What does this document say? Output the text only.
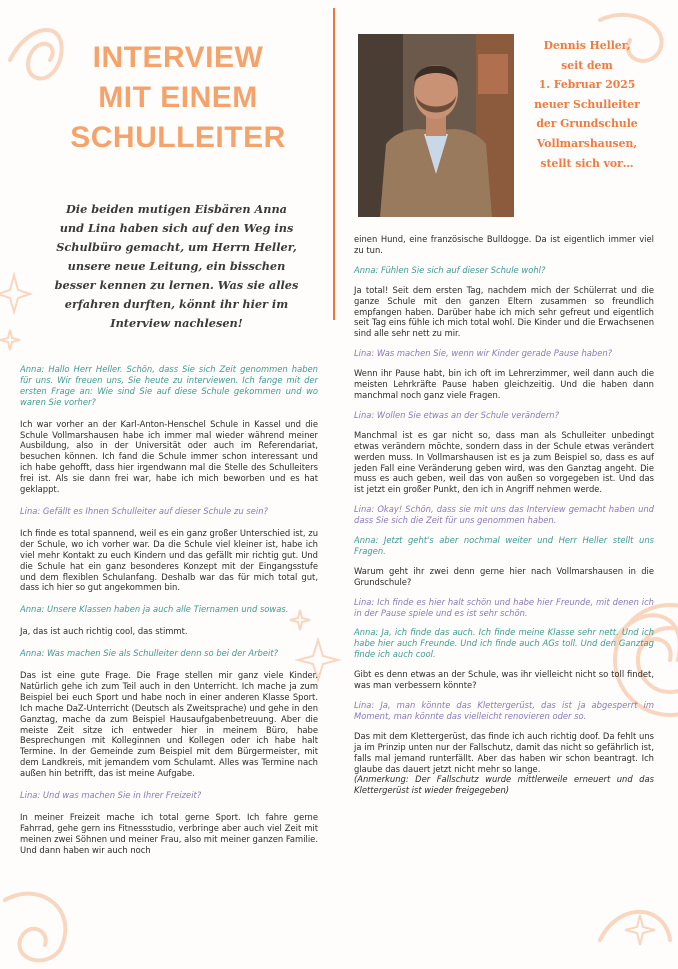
INTERVIEW
MIT EINEM
SCHULLEITER
Die beiden mutigen Eisbären Anna und Lina haben sich auf den Weg ins Schulbüro gemacht, um Herrn Heller, unsere neue Leitung, ein bisschen besser kennen zu lernen. Was sie alles erfahren durften, könnt ihr hier im Interview nachlesen!
Dennis Heller,
seit dem
1. Februar 2025
neuer Schulleiter
der Grundschule
Vollmarshausen,
stellt sich vor…

Anna: Hallo Herr Heller. Schön, dass Sie sich Zeit genommen haben für uns. Wir freuen uns, Sie heute zu interviewen. Ich fange mit der ersten Frage an: Wie sind Sie auf diese Schule gekommen und wo waren Sie vorher?

Ich war vorher an der Karl-Anton-Henschel Schule in Kassel und die Schule Vollmarshausen habe ich immer mal wieder während meiner Ausbildung, also in der Universität oder auch im Referendariat, besuchen können. Ich fand die Schule immer schon interessant und ich habe gehofft, dass hier irgendwann mal die Stelle des Schulleiters frei ist. Als sie dann frei war, habe ich mich beworben und es hat geklappt.

Lina: Gefällt es Ihnen Schulleiter auf dieser Schule zu sein?

Ich finde es total spannend, weil es ein ganz großer Unterschied ist, zu der Schule, wo ich vorher war. Da die Schule viel kleiner ist, habe ich viel mehr Kontakt zu euch Kindern und das gefällt mir richtig gut. Und die Schule hat ein ganz besonderes Konzept mit der Eingangsstufe und dem flexiblen Schulanfang. Deshalb war das für mich total gut, dass ich hier so gut angekommen bin.

Anna: Unsere Klassen haben ja auch alle Tiernamen und sowas.

Ja, das ist auch richtig cool, das stimmt.

Anna: Was machen Sie als Schulleiter denn so bei der Arbeit?

Das ist eine gute Frage. Die Frage stellen mir ganz viele Kinder. Natürlich gehe ich zum Teil auch in den Unterricht. Ich mache ja zum Beispiel bei euch Sport und habe noch in einer anderen Klasse Sport. Ich mache DaZ-Unterricht (Deutsch als Zweitsprache) und gehe in den Ganztag, mache da zum Beispiel Hausaufgabenbetreuung. Aber die meiste Zeit sitze ich entweder hier in meinem Büro, habe Besprechungen mit Kolleginnen und Kollegen oder ich habe halt Termine. In der Gemeinde zum Beispiel mit dem Bürgermeister, mit dem Landkreis, mit jemandem vom Schulamt. Alles was Termine nach außen hin betrifft, das ist meine Aufgabe.

Lina: Und was machen Sie in Ihrer Freizeit?

In meiner Freizeit mache ich total gerne Sport. Ich fahre gerne Fahrrad, gehe gern ins Fitnessstudio, verbringe aber auch viel Zeit mit meinen zwei Söhnen und meiner Frau, also mit meiner ganzen Familie. Und dann haben wir auch noch

einen Hund, eine französische Bulldogge. Da ist eigentlich immer viel zu tun.

Anna: Fühlen Sie sich auf dieser Schule wohl?

Ja total! Seit dem ersten Tag, nachdem mich der Schülerrat und die ganze Schule mit den ganzen Eltern zusammen so freundlich empfangen haben. Darüber habe ich mich sehr gefreut und eigentlich seit Tag eins fühle ich mich total wohl. Die Kinder und die Erwachsenen sind alle sehr nett zu mir.

Lina: Was machen Sie, wenn wir Kinder gerade Pause haben?

Wenn ihr Pause habt, bin ich oft im Lehrerzimmer, weil dann auch die meisten Lehrkräfte Pause haben gleichzeitig. Und die haben dann manchmal noch ganz viele Fragen.

Lina: Wollen Sie etwas an der Schule verändern?

Manchmal ist es gar nicht so, dass man als Schulleiter unbedingt etwas verändern möchte, sondern dass in der Schule etwas verändert werden muss. In Vollmarshausen ist es ja zum Beispiel so, dass es auf jeden Fall eine Veränderung geben wird, was den Ganztag angeht. Die muss es auch geben, weil das von außen so vorgegeben ist. Und das ist jetzt ein großer Punkt, den ich in Angriff nehmen werde.

Lina: Okay! Schön, dass sie mit uns das Interview gemacht haben und dass Sie sich die Zeit für uns genommen haben.

Anna: Jetzt geht's aber nochmal weiter und Herr Heller stellt uns Fragen.

Warum geht ihr zwei denn gerne hier nach Vollmarshausen in die Grundschule?

Lina: Ich finde es hier halt schön und habe hier Freunde, mit denen ich in der Pause spiele und es ist sehr schön.

Anna: Ja, ich finde das auch. Ich finde meine Klasse sehr nett. Und ich habe hier auch Freunde. Und ich finde auch AGs toll. Und den Ganztag finde ich auch cool.

Gibt es denn etwas an der Schule, was ihr vielleicht nicht so toll findet, was man verbessern könnte?

Lina: Ja, man könnte das Klettergerüst, das ist ja abgesperrt im Moment, man könnte das vielleicht renovieren oder so.

Das mit dem Klettergerüst, das finde ich auch richtig doof. Da fehlt uns ja im Prinzip unten nur der Fallschutz, damit das nicht so gefährlich ist, falls mal jemand runterfällt. Aber das haben wir schon beantragt. Ich glaube das dauert jetzt nicht mehr so lange.

(Anmerkung: Der Fallschutz wurde mittlerweile erneuert und das Klettergerüst ist wieder freigegeben)
